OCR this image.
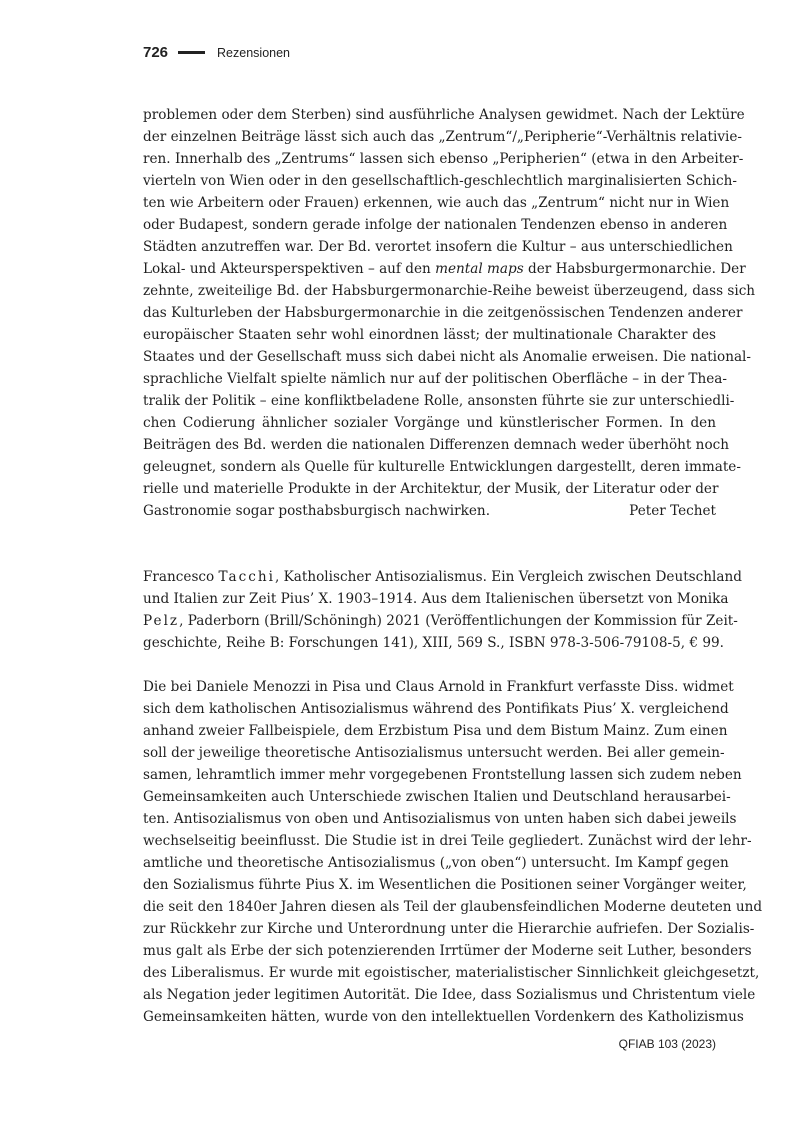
726	Rezensionen
problemen oder dem Sterben) sind ausführliche Analysen gewidmet. Nach der Lektüre
der einzelnen Beiträge lässt sich auch das „Zentrum“/„Peripherie“-Verhältnis relativie-
ren. Innerhalb des „Zentrums“ lassen sich ebenso „Peripherien“ (etwa in den Arbeiter-
vierteln von Wien oder in den gesellschaftlich-geschlechtlich marginalisierten Schich-
ten wie Arbeitern oder Frauen) erkennen, wie auch das „Zentrum“ nicht nur in Wien
oder Budapest, sondern gerade infolge der nationalen Tendenzen ebenso in anderen
Städten anzutreffen war. Der Bd. verortet insofern die Kultur – aus unterschiedlichen
Lokal- und Akteursperspektiven – auf den mental maps der Habsburgermonarchie. Der
zehnte, zweiteilige Bd. der Habsburgermonarchie-Reihe beweist überzeugend, dass sich
das Kulturleben der Habsburgermonarchie in die zeitgenössischen Tendenzen anderer
europäischer Staaten sehr wohl einordnen lässt; der multinationale Charakter des
Staates und der Gesellschaft muss sich dabei nicht als Anomalie erweisen. Die national-
sprachliche Vielfalt spielte nämlich nur auf der politischen Oberfläche – in der Thea-
tralik der Politik – eine konfliktbeladene Rolle, ansonsten führte sie zur unterschiedli-
chen Codierung ähnlicher sozialer Vorgänge und künstlerischer Formen. In den
Beiträgen des Bd. werden die nationalen Differenzen demnach weder überhöht noch
geleugnet, sondern als Quelle für kulturelle Entwicklungen dargestellt, deren immate-
rielle und materielle Produkte in der Architektur, der Musik, der Literatur oder der
Gastronomie sogar posthabsburgisch nachwirken.	Peter Techet
Francesco Tacchi, Katholischer Antisozialismus. Ein Vergleich zwischen Deutschland
und Italien zur Zeit Pius’ X. 1903–1914. Aus dem Italienischen übersetzt von Monika
Pelz, Paderborn (Brill/Schöningh) 2021 (Veröffentlichungen der Kommission für Zeit-
geschichte, Reihe B: Forschungen 141), XIII, 569 S., ISBN 978-3-506-79108-5, € 99.
Die bei Daniele Menozzi in Pisa und Claus Arnold in Frankfurt verfasste Diss. widmet
sich dem katholischen Antisozialismus während des Pontifikats Pius’ X. vergleichend
anhand zweier Fallbeispiele, dem Erzbistum Pisa und dem Bistum Mainz. Zum einen
soll der jeweilige theoretische Antisozialismus untersucht werden. Bei aller gemein-
samen, lehramtlich immer mehr vorgegebenen Frontstellung lassen sich zudem neben
Gemeinsamkeiten auch Unterschiede zwischen Italien und Deutschland herausarbei-
ten. Antisozialismus von oben und Antisozialismus von unten haben sich dabei jeweils
wechselseitig beeinflusst. Die Studie ist in drei Teile gegliedert. Zunächst wird der lehr-
amtliche und theoretische Antisozialismus („von oben“) untersucht. Im Kampf gegen
den Sozialismus führte Pius X. im Wesentlichen die Positionen seiner Vorgänger weiter,
die seit den 1840er Jahren diesen als Teil der glaubensfeindlichen Moderne deuteten und
zur Rückkehr zur Kirche und Unterordnung unter die Hierarchie aufriefen. Der Sozialis-
mus galt als Erbe der sich potenzierenden Irrtümer der Moderne seit Luther, besonders
des Liberalismus. Er wurde mit egoistischer, materialistischer Sinnlichkeit gleichgesetzt,
als Negation jeder legitimen Autorität. Die Idee, dass Sozialismus und Christentum viele
Gemeinsamkeiten hätten, wurde von den intellektuellen Vordenkern des Katholizismus
QFIAB 103 (2023)
